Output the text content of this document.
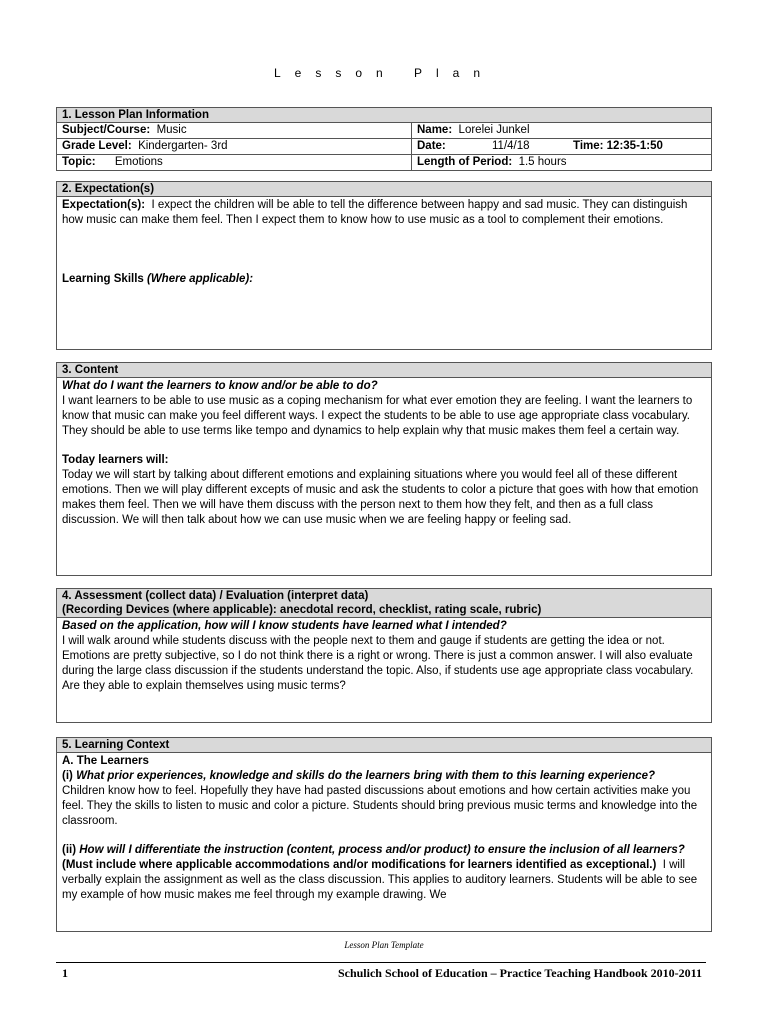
Lesson Plan
1. Lesson Plan Information
Subject/Course: Music	Name: Lorelei Junkel
Grade Level: Kindergarten- 3rd	Date:	11/4/18	Time: 12:35-1:50
Topic: Emotions	Length of Period: 1.5 hours
2. Expectation(s)
Expectation(s): I expect the children will be able to tell the difference between happy and sad music. They can distinguish how music can make them feel. Then I expect them to know how to use music as a tool to complement their emotions.
Learning Skills (Where applicable):
3. Content
What do I want the learners to know and/or be able to do?
I want learners to be able to use music as a coping mechanism for what ever emotion they are feeling. I want the learners to know that music can make you feel different ways. I expect the students to be able to use age appropriate class vocabulary. They should be able to use terms like tempo and dynamics to help explain why that music makes them feel a certain way.
Today learners will:
Today we will start by talking about different emotions and explaining situations where you would feel all of these different emotions. Then we will play different excepts of music and ask the students to color a picture that goes with how that emotion makes them feel. Then we will have them discuss with the person next to them how they felt, and then as a full class discussion. We will then talk about how we can use music when we are feeling happy or feeling sad.
4. Assessment (collect data) / Evaluation (interpret data)
(Recording Devices (where applicable): anecdotal record, checklist, rating scale, rubric)
Based on the application, how will I know students have learned what I intended?
I will walk around while students discuss with the people next to them and gauge if students are getting the idea or not. Emotions are pretty subjective, so I do not think there is a right or wrong. There is just a common answer. I will also evaluate during the large class discussion if the students understand the topic. Also, if students use age appropriate class vocabulary. Are they able to explain themselves using music terms?
5. Learning Context
A. The Learners
(i) What prior experiences, knowledge and skills do the learners bring with them to this learning experience?
Children know how to feel. Hopefully they have had pasted discussions about emotions and how certain activities make you feel. They the skills to listen to music and color a picture. Students should bring previous music terms and knowledge into the classroom.
(ii) How will I differentiate the instruction (content, process and/or product) to ensure the inclusion of all learners? (Must include where applicable accommodations and/or modifications for learners identified as exceptional.) I will verbally explain the assignment as well as the class discussion. This applies to auditory learners. Students will be able to see my example of how music makes me feel through my example drawing. We
Lesson Plan Template
1	Schulich School of Education – Practice Teaching Handbook 2010-2011
